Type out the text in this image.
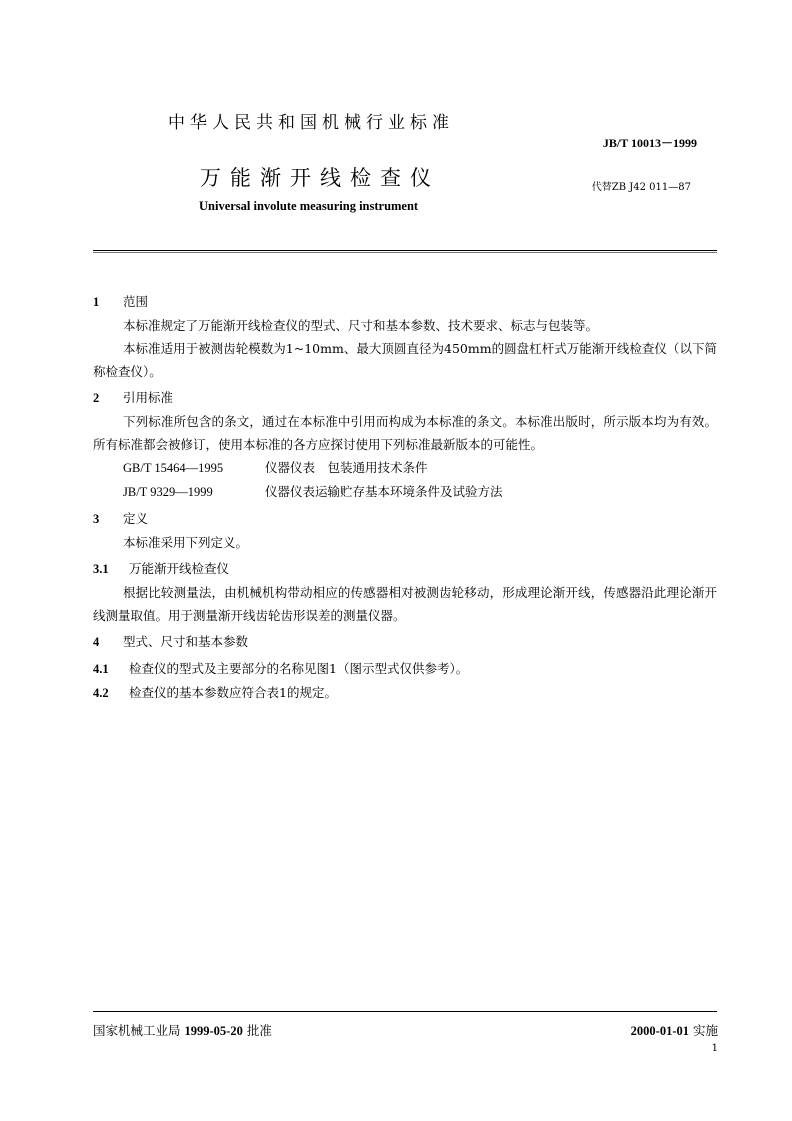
中华人民共和国机械行业标准
JB/T 10013－1999
万能渐开线检查仪	代替ZB J42 011—87
Universal involute measuring instrument
1 范围
本标准规定了万能渐开线检查仪的型式、尺寸和基本参数、技术要求、标志与包装等。
本标准适用于被测齿轮模数为1~10mm、最大顶圆直径为450mm的圆盘杠杆式万能渐开线检查仪（以下简称检查仪）。
2 引用标准
下列标准所包含的条文，通过在本标准中引用而构成为本标准的条文。本标准出版时，所示版本均为有效。所有标准都会被修订，使用本标准的各方应探讨使用下列标准最新版本的可能性。
GB/T 15464—1995	仪器仪表　包装通用技术条件
JB/T 9329—1999	仪器仪表运输贮存基本环境条件及试验方法
3 定义
本标准采用下列定义。
3.1 万能渐开线检查仪
根据比较测量法，由机械机构带动相应的传感器相对被测齿轮移动，形成理论渐开线，传感器沿此理论渐开线测量取值。用于测量渐开线齿轮齿形误差的测量仪器。
4 型式、尺寸和基本参数
4.1 检查仪的型式及主要部分的名称见图1（图示型式仅供参考）。
4.2 检查仪的基本参数应符合表1的规定。
国家机械工业局 1999-05-20 批准	2000-01-01 实施
1
